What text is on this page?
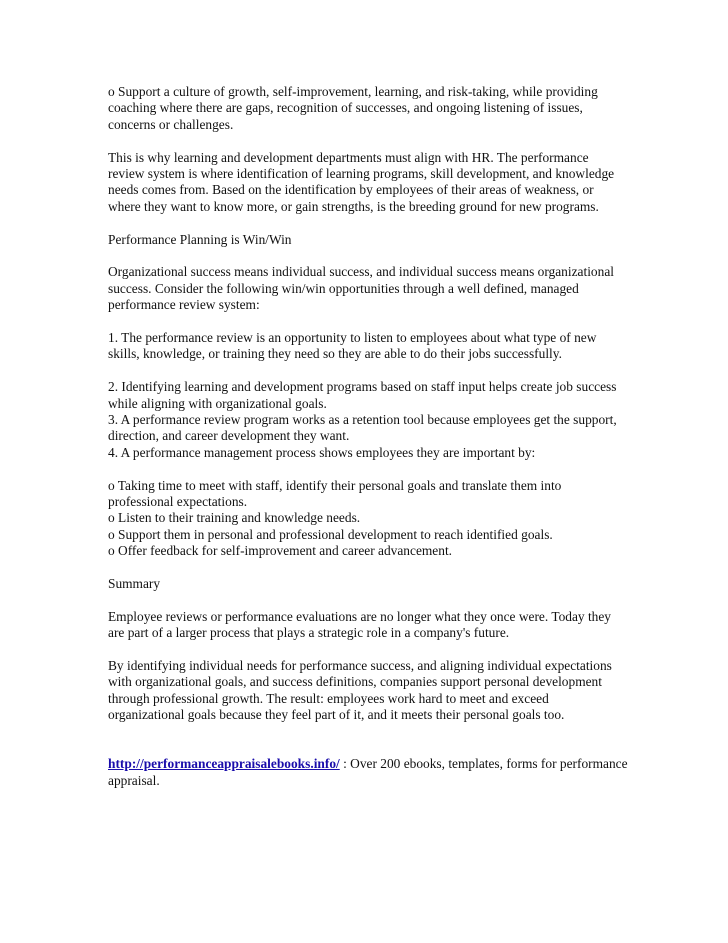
o Support a culture of growth, self-improvement, learning, and risk-taking, while providing coaching where there are gaps, recognition of successes, and ongoing listening of issues, concerns or challenges.

This is why learning and development departments must align with HR. The performance review system is where identification of learning programs, skill development, and knowledge needs comes from. Based on the identification by employees of their areas of weakness, or where they want to know more, or gain strengths, is the breeding ground for new programs.

Performance Planning is Win/Win

Organizational success means individual success, and individual success means organizational success. Consider the following win/win opportunities through a well defined, managed performance review system:

1. The performance review is an opportunity to listen to employees about what type of new skills, knowledge, or training they need so they are able to do their jobs successfully.

2. Identifying learning and development programs based on staff input helps create job success while aligning with organizational goals.

3. A performance review program works as a retention tool because employees get the support, direction, and career development they want.

4. A performance management process shows employees they are important by:

o Taking time to meet with staff, identify their personal goals and translate them into professional expectations.

o Listen to their training and knowledge needs.

o Support them in personal and professional development to reach identified goals.

o Offer feedback for self-improvement and career advancement.

Summary

Employee reviews or performance evaluations are no longer what they once were. Today they are part of a larger process that plays a strategic role in a company's future.

By identifying individual needs for performance success, and aligning individual expectations with organizational goals, and success definitions, companies support personal development through professional growth. The result: employees work hard to meet and exceed organizational goals because they feel part of it, and it meets their personal goals too.

http://performanceappraisalebooks.info/ : Over 200 ebooks, templates, forms for performance appraisal.
